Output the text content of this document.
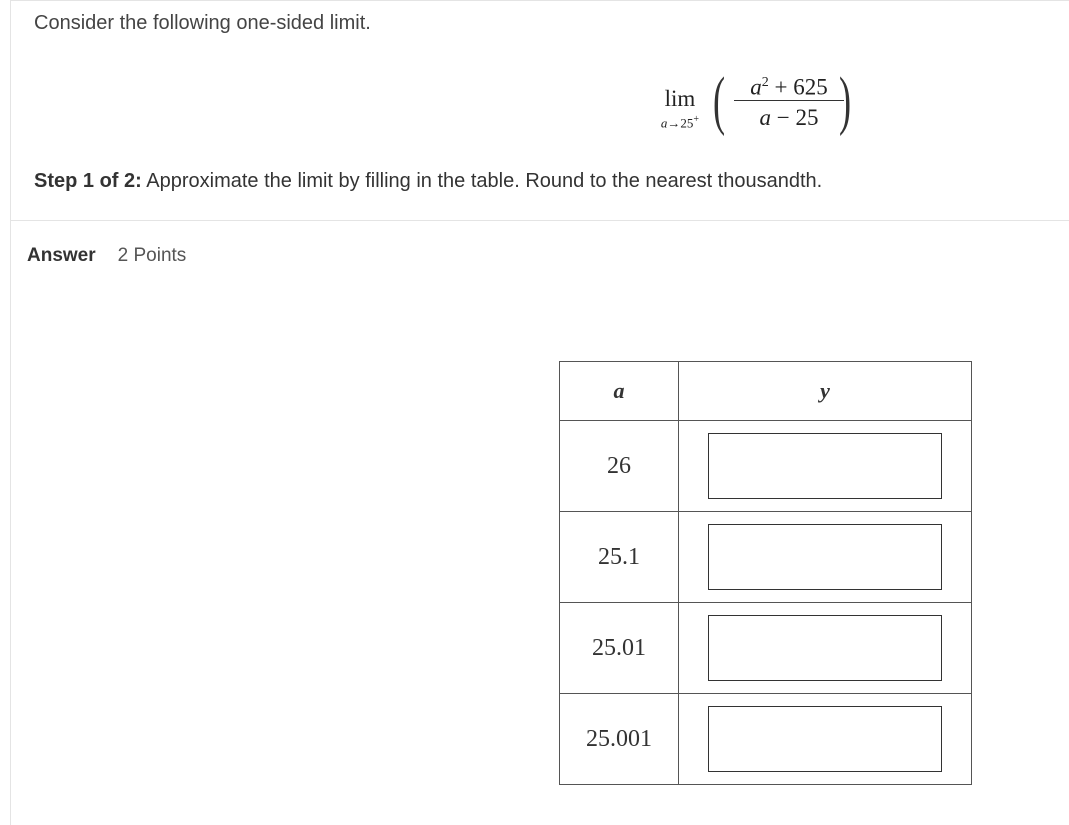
Consider the following one-sided limit.
lim
a→25+ ( $\frac{a^2 + 625}{a - 25}$
)
Step 1 of 2: Approximate the limit by filling in the table. Round to the nearest thousandth.
Answer 2 Points
a	y
26	

25.1	

25.01	

25.001	
